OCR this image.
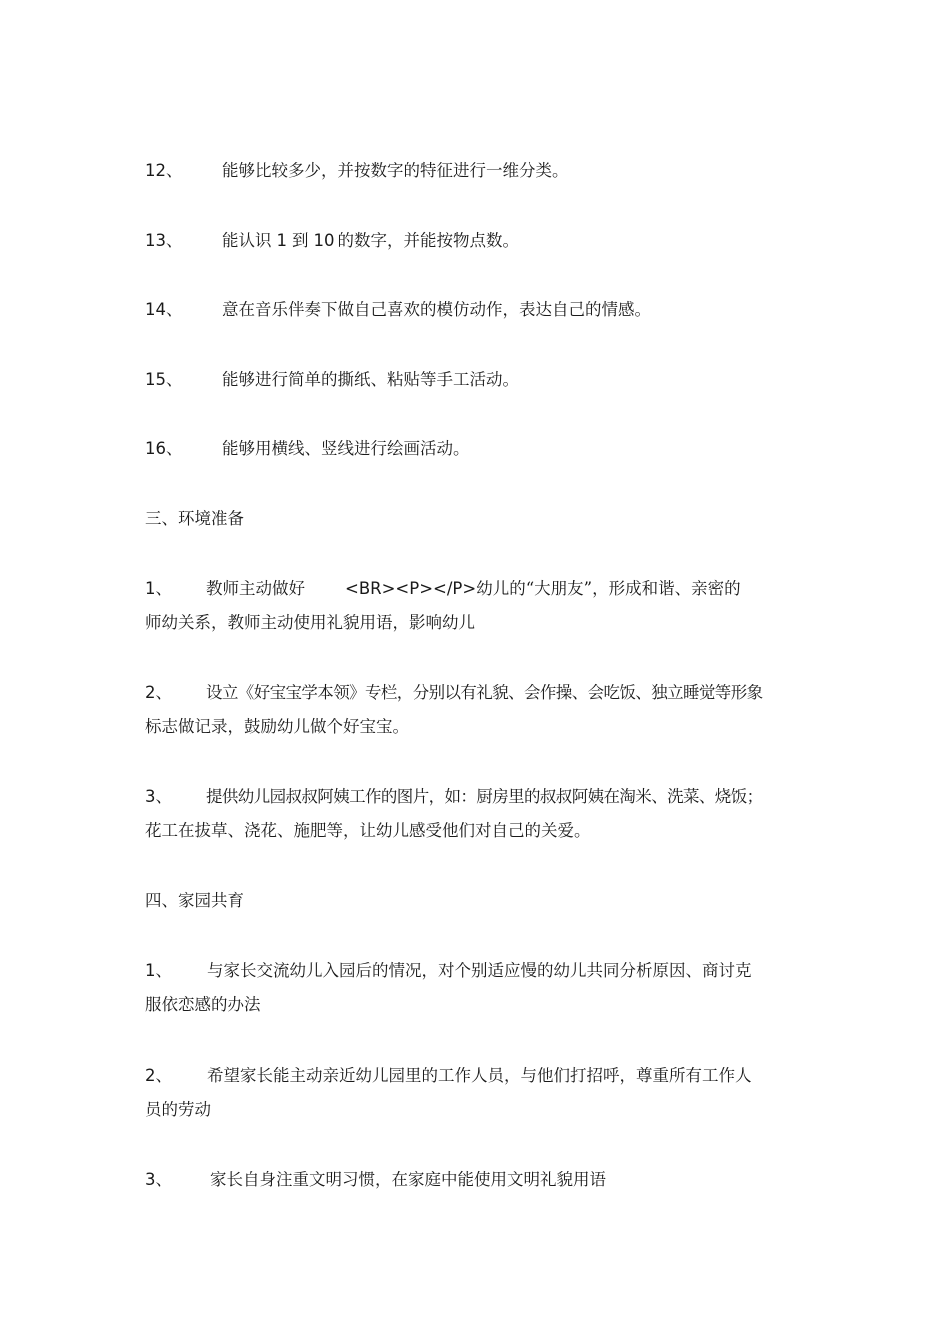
12、 能够比较多少，并按数字的特征进行一维分类。
13、 能认识 1 到 10 的数字，并能按物点数。
14、 意在音乐伴奏下做自己喜欢的模仿动作，表达自己的情感。
15、 能够进行简单的撕纸、粘贴等手工活动。
16、 能够用横线、竖线进行绘画活动。
三、环境准备
1、 教师主动做好 <BR><P></P>幼儿的“大朋友”，形成和谐、亲密的
师幼关系，教师主动使用礼貌用语，影响幼儿
2、 设立《好宝宝学本领》专栏，分别以有礼貌、会作操、会吃饭、独立睡觉等形象
标志做记录，鼓励幼儿做个好宝宝。
3、 提供幼儿园叔叔阿姨工作的图片，如：厨房里的叔叔阿姨在淘米、洗菜、烧饭；
花工在拔草、浇花、施肥等，让幼儿感受他们对自己的关爱。
四、家园共育
1、 与家长交流幼儿入园后的情况，对个别适应慢的幼儿共同分析原因、商讨克
服依恋感的办法
2、 希望家长能主动亲近幼儿园里的工作人员，与他们打招呼，尊重所有工作人
员的劳动
3、 家长自身注重文明习惯，在家庭中能使用文明礼貌用语
